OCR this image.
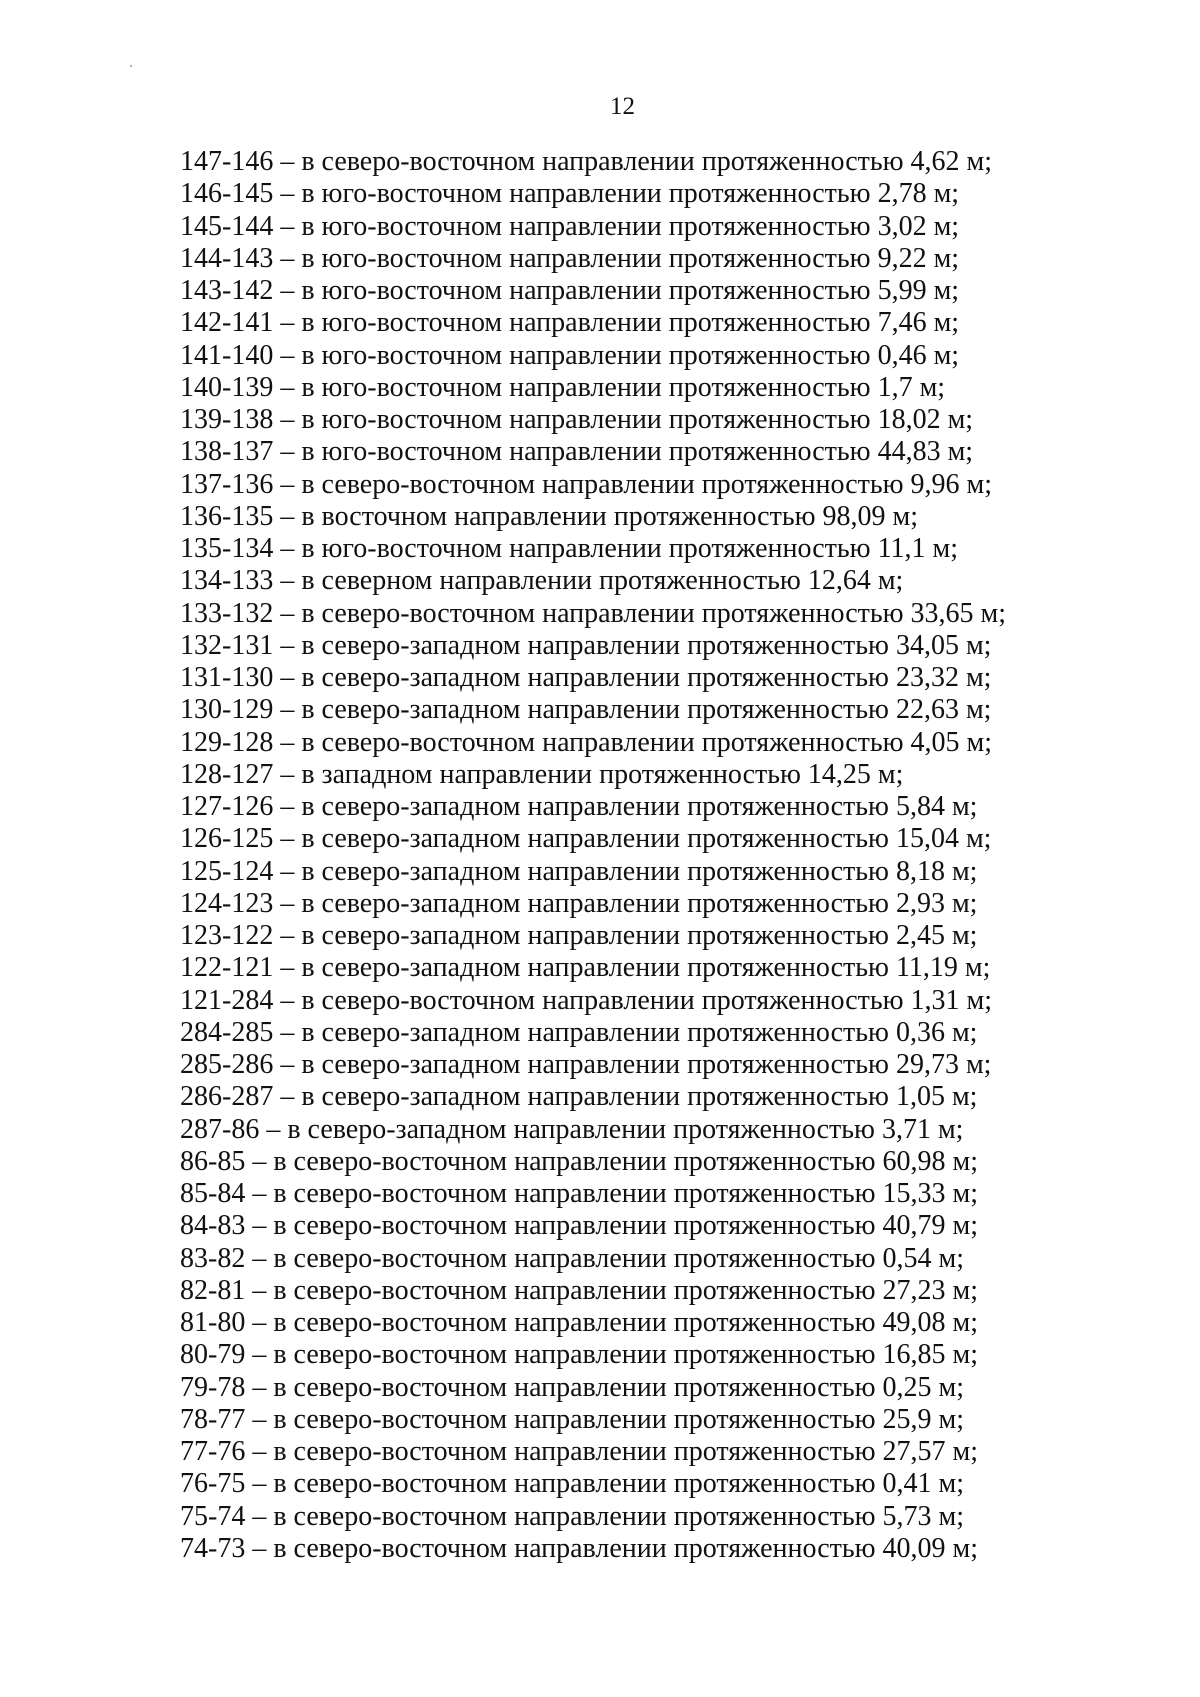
12
147-146 – в северо-восточном направлении протяженностью 4,62 м;
146-145 – в юго-восточном направлении протяженностью 2,78 м;
145-144 – в юго-восточном направлении протяженностью 3,02 м;
144-143 – в юго-восточном направлении протяженностью 9,22 м;
143-142 – в юго-восточном направлении протяженностью 5,99 м;
142-141 – в юго-восточном направлении протяженностью 7,46 м;
141-140 – в юго-восточном направлении протяженностью 0,46 м;
140-139 – в юго-восточном направлении протяженностью 1,7 м;
139-138 – в юго-восточном направлении протяженностью 18,02 м;
138-137 – в юго-восточном направлении протяженностью 44,83 м;
137-136 – в северо-восточном направлении протяженностью 9,96 м;
136-135 – в восточном направлении протяженностью 98,09 м;
135-134 – в юго-восточном направлении протяженностью 11,1 м;
134-133 – в северном направлении протяженностью 12,64 м;
133-132 – в северо-восточном направлении протяженностью 33,65 м;
132-131 – в северо-западном направлении протяженностью 34,05 м;
131-130 – в северо-западном направлении протяженностью 23,32 м;
130-129 – в северо-западном направлении протяженностью 22,63 м;
129-128 – в северо-восточном направлении протяженностью 4,05 м;
128-127 – в западном направлении протяженностью 14,25 м;
127-126 – в северо-западном направлении протяженностью 5,84 м;
126-125 – в северо-западном направлении протяженностью 15,04 м;
125-124 – в северо-западном направлении протяженностью 8,18 м;
124-123 – в северо-западном направлении протяженностью 2,93 м;
123-122 – в северо-западном направлении протяженностью 2,45 м;
122-121 – в северо-западном направлении протяженностью 11,19 м;
121-284 – в северо-восточном направлении протяженностью 1,31 м;
284-285 – в северо-западном направлении протяженностью 0,36 м;
285-286 – в северо-западном направлении протяженностью 29,73 м;
286-287 – в северо-западном направлении протяженностью 1,05 м;
287-86 – в северо-западном направлении протяженностью 3,71 м;
86-85 – в северо-восточном направлении протяженностью 60,98 м;
85-84 – в северо-восточном направлении протяженностью 15,33 м;
84-83 – в северо-восточном направлении протяженностью 40,79 м;
83-82 – в северо-восточном направлении протяженностью 0,54 м;
82-81 – в северо-восточном направлении протяженностью 27,23 м;
81-80 – в северо-восточном направлении протяженностью 49,08 м;
80-79 – в северо-восточном направлении протяженностью 16,85 м;
79-78 – в северо-восточном направлении протяженностью 0,25 м;
78-77 – в северо-восточном направлении протяженностью 25,9 м;
77-76 – в северо-восточном направлении протяженностью 27,57 м;
76-75 – в северо-восточном направлении протяженностью 0,41 м;
75-74 – в северо-восточном направлении протяженностью 5,73 м;
74-73 – в северо-восточном направлении протяженностью 40,09 м;
